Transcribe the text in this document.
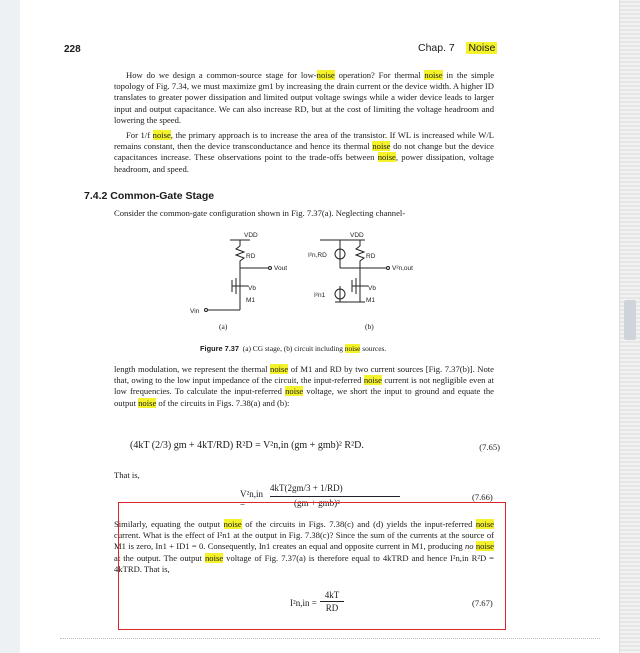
228	Chap. 7 Noise

How do we design a common-source stage for low-noise operation? For thermal noise in the simple topology of Fig. 7.34, we must maximize gm1 by increasing the drain current or the device width. A higher ID translates to greater power dissipation and limited output voltage swings while a wider device leads to larger input and output capacitance. We can also increase RD, but at the cost of limiting the voltage headroom and lowering the speed.

For 1/f noise, the primary approach is to increase the area of the transistor. If WL is increased while W/L remains constant, then the device transconductance and hence its thermal noise do not change but the device capacitances increase. These observations point to the trade-offs between noise, power dissipation, voltage headroom, and speed.

7.4.2 Common-Gate Stage

Consider the common-gate configuration shown in Fig. 7.37(a). Neglecting channel-

VDD
RD
Vout
Vb
M1
Vin
VDD
RD
I²n,RD
V²n,out
Vb
M1
I²n1
(a)	(b)
Figure 7.37 (a) CG stage, (b) circuit including noise sources.

length modulation, we represent the thermal noise of M1 and RD by two current sources [Fig. 7.37(b)]. Note that, owing to the low input impedance of the circuit, the input-referred noise current is not negligible even at low frequencies. To calculate the input-referred noise voltage, we short the input to ground and equate the output noise of the circuits in Figs. 7.38(a) and (b):

(4kT (2/3) gm + 4kT/RD) R²D = V²n,in (gm + gmb)² R²D.	(7.65)
That is,
V²n,in =
4kT(2gm/3 + 1/RD)
(gm + gmb)²
(7.66)

Similarly, equating the output noise of the circuits in Figs. 7.38(c) and (d) yields the input-referred noise current. What is the effect of I²n1 at the output in Fig. 7.38(c)? Since the sum of the currents at the source of M1 is zero, In1 + ID1 = 0. Consequently, In1 creates an equal and opposite current in M1, producing no noise at the output. The output noise voltage of Fig. 7.37(a) is therefore equal to 4kTRD and hence I²n,in R²D = 4kTRD. That is,

I²n,in =
4kT
RD	(7.67)
